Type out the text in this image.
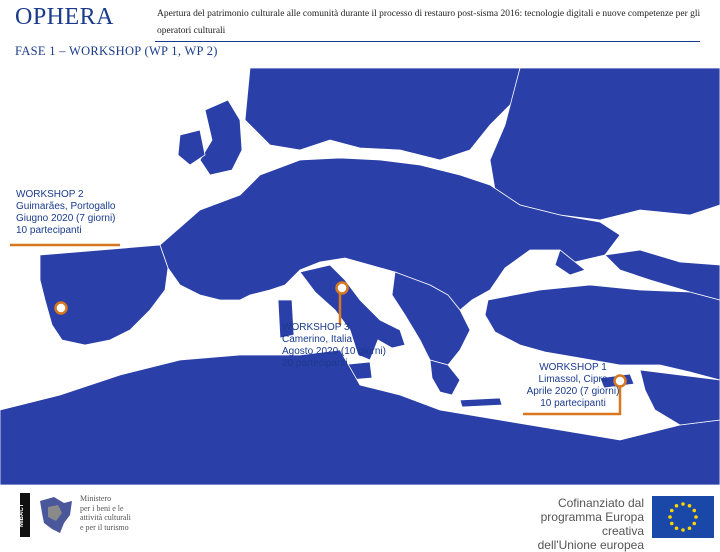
OPHERA	Apertura del patrimonio culturale alle comunità durante il processo di restauro post-sisma 2016: tecnologie digitali e nuove competenze per gli operatori culturali
FASE 1 – WORKSHOP (WP 1, WP 2)
WORKSHOP 2
Guimarães, Portogallo
Giugno 2020 (7 giorni)
10 partecipanti
WORKSHOP 3
Camerino, Italia
Agosto 2020 (10 giorni)
20 partecipanti	WORKSHOP 1
Limassol, Cipro
Aprile 2020 (7 giorni)
10 partecipanti
MIBACT
Ministero
per i beni e le
attività culturali
e per il turismo
Cofinanziato dal
programma Europa creativa
dell'Unione europea
